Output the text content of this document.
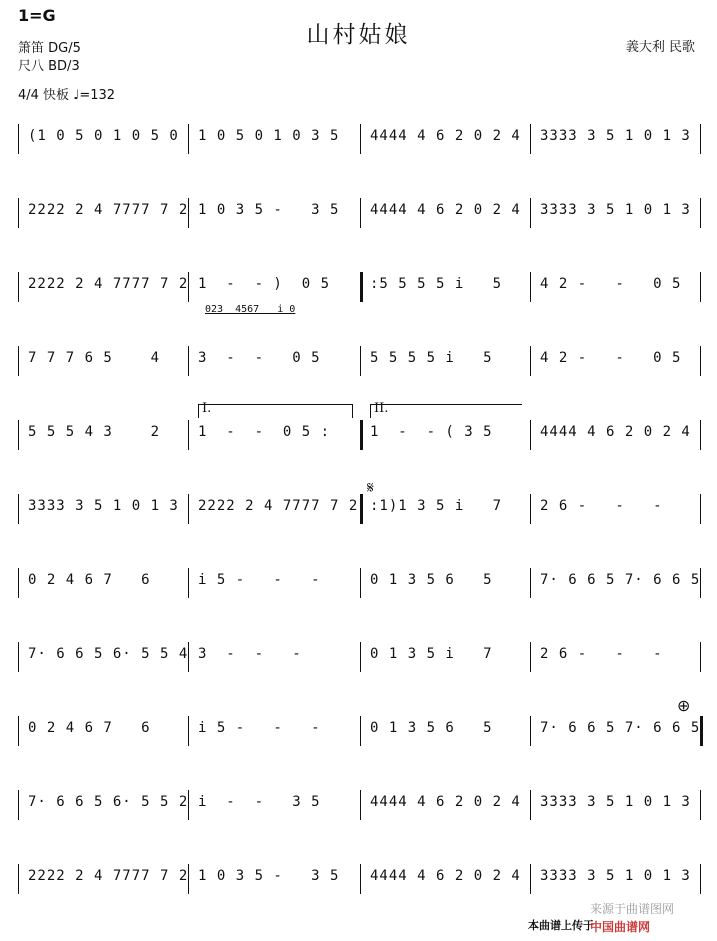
1=G
箫笛 DG/5
尺八 BD/3
4/4 快板 ♩=132
山村姑娘	義大利 民歌
(1 0 5 0 1 0 5 0 1 0 5 0 1 0 3 5 4444 4 6 2 0 2 4 3333 3 5 1 0 1 3
2222 2 4 7777 7 2 1 0 3 5 -   3 5 4444 4 6 2 0 2 4 3333 3 5 1 0 1 3
2222 2 4 7777 7 2 1  -  - )  0 5	:5 5 5 5 i   5	4 2 -   -   0 5
7 7 7 6 5    4	3  -  -   0 5	5 5 5 5 i   5	4 2 -   -   0 5
5 5 5 4 3    2	1  -  -  0 5 :	1  -  - ( 3 5	4444 4 6 2 0 2 4
3333 3 5 1 0 1 3 2222 2 4 7777 7 2 :1)1 3 5 i   7	2 6 -   -   -
0 2 4 6 7   6	i 5 -   -   -	0 1 3 5 6   5	7· 6 6 5 7· 6 6 5
7· 6 6 5 6· 5 5 4 3  -  -   -	0 1 3 5 i   7	2 6 -   -   -
0 2 4 6 7   6	i 5 -   -   -	0 1 3 5 6   5	7· 6 6 5 7· 6 6 5
7· 6 6 5 6· 5 5 2 i  -  -   3 5	4444 4 6 2 0 2 4 3333 3 5 1 0 1 3
2222 2 4 7777 7 2 1 0 3 5 -   3 5 4444 4 6 2 0 2 4 3333 3 5 1 0 1 3
023  4567   i 0
I.	II.
𝄋
⊕
本曲谱上传于
来源于曲谱图网
中国曲谱网
